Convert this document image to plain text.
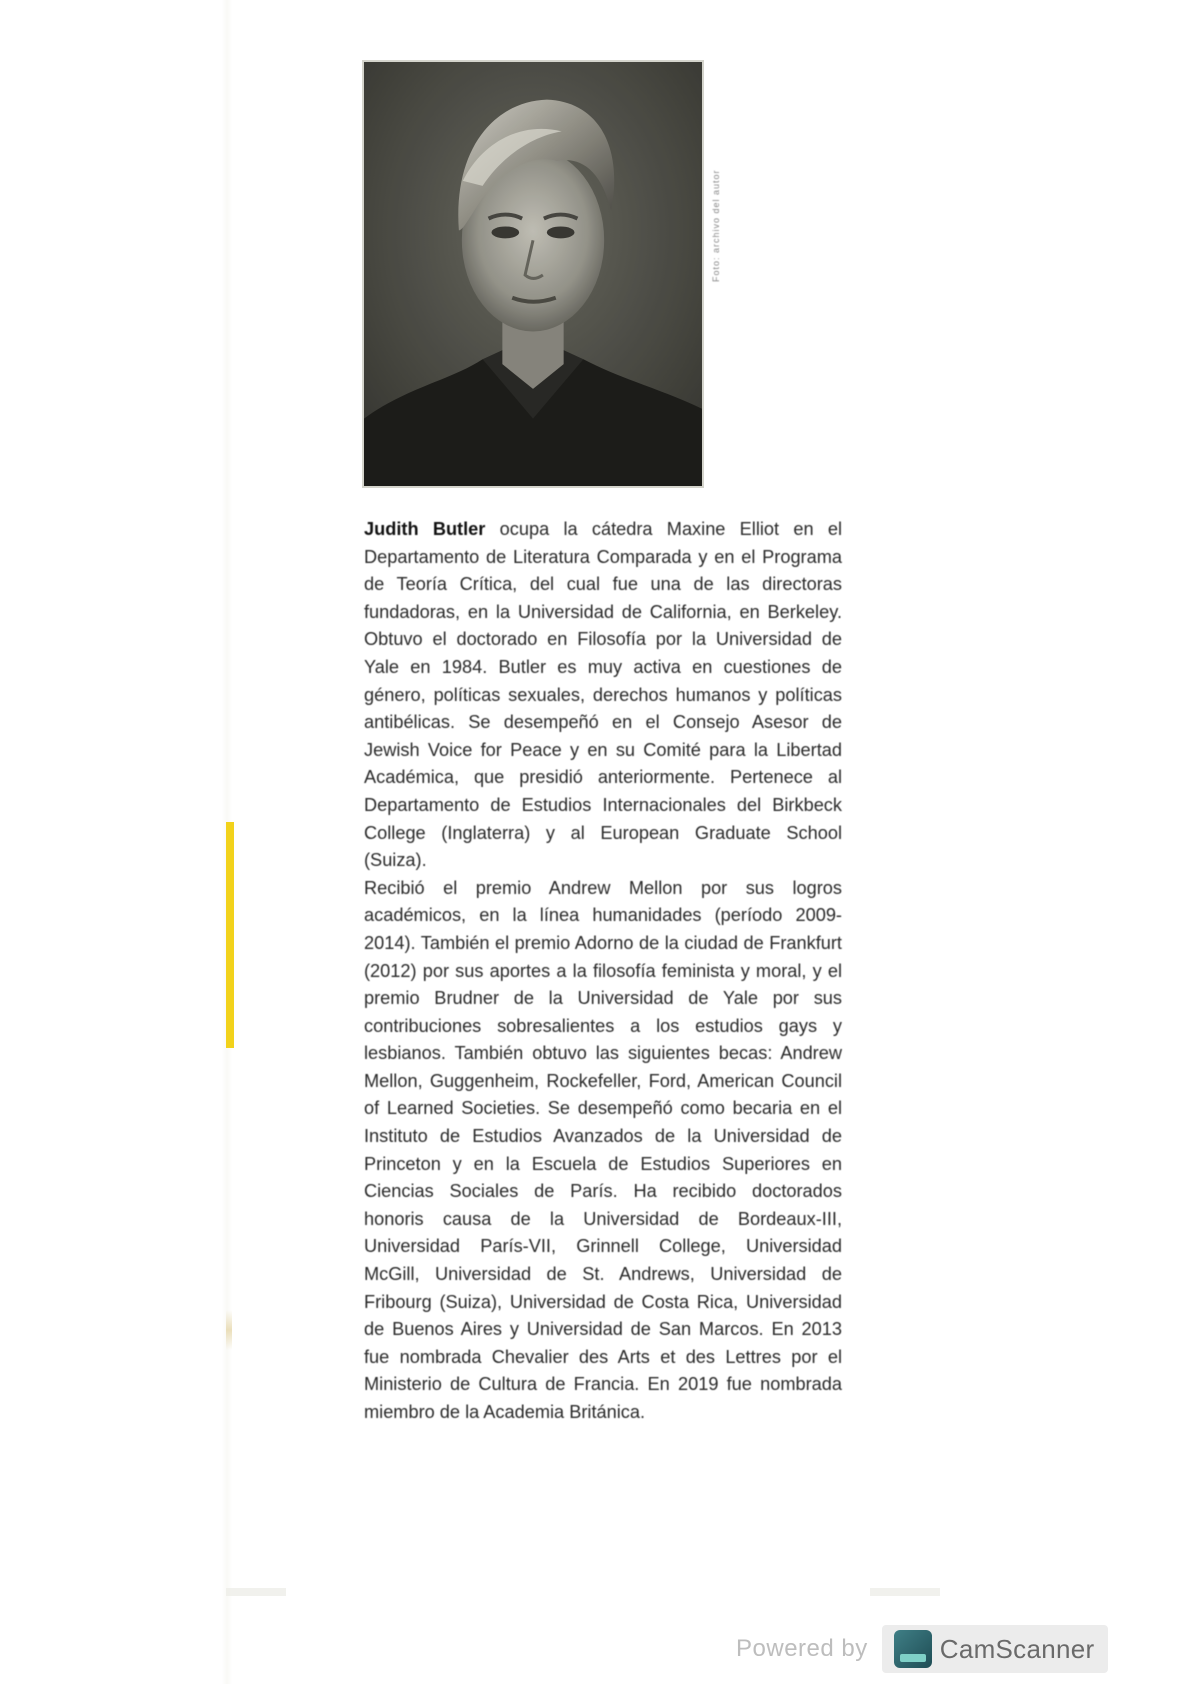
Foto: archivo del autor

Judith Butler ocupa la cátedra Maxine Elliot en el Departamento de Literatura Comparada y en el Programa de Teoría Crítica, del cual fue una de las directoras fundadoras, en la Universidad de California, en Berkeley. Obtuvo el doctorado en Filosofía por la Universidad de Yale en 1984. Butler es muy activa en cuestiones de género, políticas sexuales, derechos humanos y políticas antibélicas. Se desempeñó en el Consejo Asesor de Jewish Voice for Peace y en su Comité para la Libertad Académica, que presidió anteriormente. Pertenece al Departamento de Estudios Internacionales del Birkbeck College (Inglaterra) y al European Graduate School (Suiza).

Recibió el premio Andrew Mellon por sus logros académicos, en la línea humanidades (período 2009-2014). También el premio Adorno de la ciudad de Frankfurt (2012) por sus aportes a la filosofía feminista y moral, y el premio Brudner de la Universidad de Yale por sus contribuciones sobresalientes a los estudios gays y lesbianos. También obtuvo las siguientes becas: Andrew Mellon, Guggenheim, Rockefeller, Ford, American Council of Learned Societies. Se desempeñó como becaria en el Instituto de Estudios Avanzados de la Universidad de Princeton y en la Escuela de Estudios Superiores en Ciencias Sociales de París. Ha recibido doctorados honoris causa de la Universidad de Bordeaux-III, Universidad París-VII, Grinnell College, Universidad McGill, Universidad de St. Andrews, Universidad de Fribourg (Suiza), Universidad de Costa Rica, Universidad de Buenos Aires y Universidad de San Marcos. En 2013 fue nombrada Chevalier des Arts et des Lettres por el Ministerio de Cultura de Francia. En 2019 fue nombrada miembro de la Academia Británica.

Powered by	CamScanner
